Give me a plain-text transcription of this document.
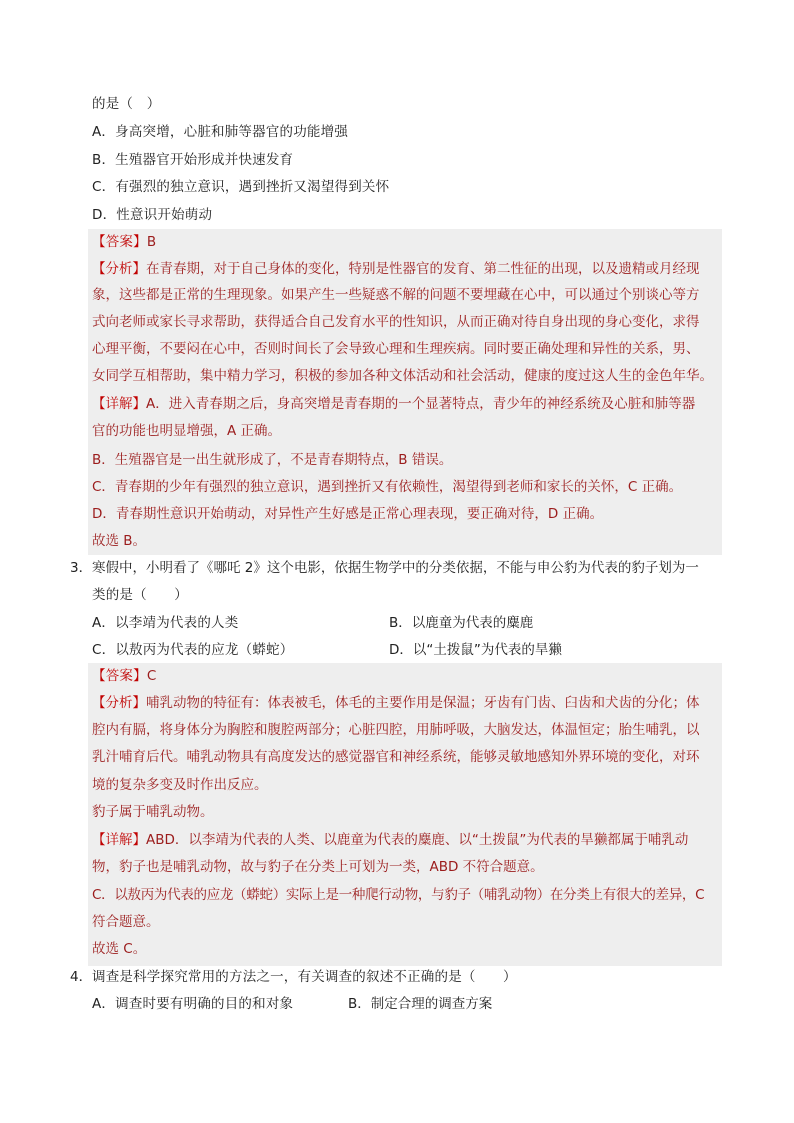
的是（　）
A．身高突增，心脏和肺等器官的功能增强
B．生殖器官开始形成并快速发育
C．有强烈的独立意识，遇到挫折又渴望得到关怀
D．性意识开始萌动
【答案】B
【分析】在青春期，对于自己身体的变化，特别是性器官的发育、第二性征的出现，以及遗精或月经现
象，这些都是正常的生理现象。如果产生一些疑惑不解的问题不要埋藏在心中，可以通过个别谈心等方
式向老师或家长寻求帮助，获得适合自己发育水平的性知识，从而正确对待自身出现的身心变化，求得
心理平衡，不要闷在心中，否则时间长了会导致心理和生理疾病。同时要正确处理和异性的关系，男、
女同学互相帮助，集中精力学习，积极的参加各种文体活动和社会活动，健康的度过这人生的金色年华。
【详解】A．进入青春期之后，身高突增是青春期的一个显著特点，青少年的神经系统及心脏和肺等器
官的功能也明显增强，A 正确。
B．生殖器官是一出生就形成了，不是青春期特点，B 错误。
C．青春期的少年有强烈的独立意识，遇到挫折又有依赖性，渴望得到老师和家长的关怀，C 正确。
D．青春期性意识开始萌动，对异性产生好感是正常心理表现，要正确对待，D 正确。
故选 B。
3． 寒假中，小明看了《哪吒 2》这个电影，依据生物学中的分类依据，不能与申公豹为代表的豹子划为一
类的是（　　）
A．以李靖为代表的人类	B．以鹿童为代表的麋鹿
C．以敖丙为代表的应龙（蟒蛇）	D．以“土拨鼠”为代表的旱獭
【答案】C
【分析】哺乳动物的特征有：体表被毛，体毛的主要作用是保温；牙齿有门齿、臼齿和犬齿的分化；体
腔内有膈，将身体分为胸腔和腹腔两部分；心脏四腔，用肺呼吸，大脑发达，体温恒定；胎生哺乳，以
乳汁哺育后代。哺乳动物具有高度发达的感觉器官和神经系统，能够灵敏地感知外界环境的变化，对环
境的复杂多变及时作出反应。
豹子属于哺乳动物。
【详解】ABD．以李靖为代表的人类、以鹿童为代表的麋鹿、以“土拨鼠”为代表的旱獭都属于哺乳动
物，豹子也是哺乳动物，故与豹子在分类上可划为一类，ABD 不符合题意。
C．以敖丙为代表的应龙（蟒蛇）实际上是一种爬行动物，与豹子（哺乳动物）在分类上有很大的差异，C
符合题意。
故选 C。
4． 调查是科学探究常用的方法之一，有关调查的叙述不正确的是（　　）
A．调查时要有明确的目的和对象	B．制定合理的调查方案
